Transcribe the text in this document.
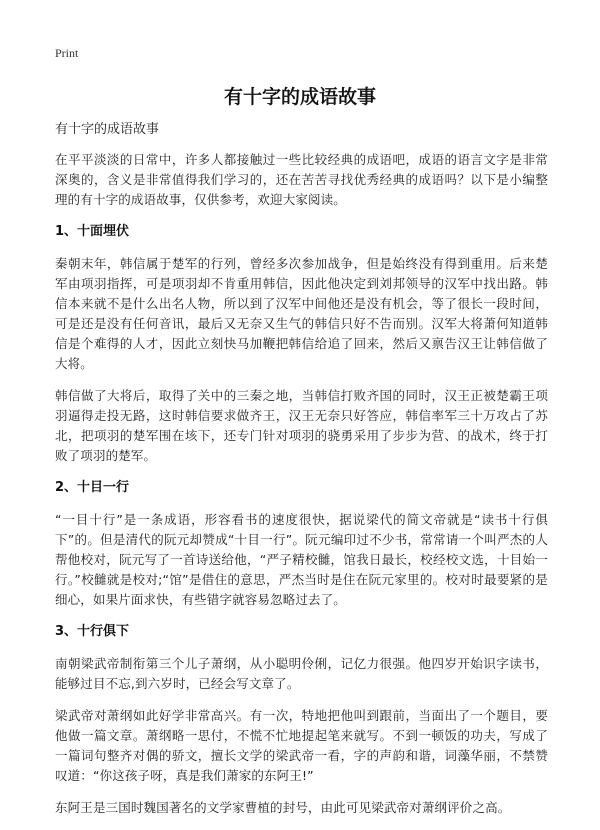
Print
有十字的成语故事

有十字的成语故事

在平平淡淡的日常中，许多人都接触过一些比较经典的成语吧，成语的语言文字是非常深奥的，含义是非常值得我们学习的，还在苦苦寻找优秀经典的成语吗？以下是小编整理的有十字的成语故事，仅供参考，欢迎大家阅读。

1、十面埋伏

秦朝末年，韩信属于楚军的行列，曾经多次参加战争，但是始终没有得到重用。后来楚军由项羽指挥，可是项羽却不肯重用韩信，因此他决定到刘邦领导的汉军中找出路。韩信本来就不是什么出名人物，所以到了汉军中间他还是没有机会，等了很长一段时间，可是还是没有任何音讯，最后又无奈又生气的韩信只好不告而别。汉军大将萧何知道韩信是个难得的人才，因此立刻快马加鞭把韩信给追了回来，然后又禀告汉王让韩信做了大将。

韩信做了大将后，取得了关中的三秦之地，当韩信打败齐国的同时，汉王正被楚霸王项羽逼得走投无路，这时韩信要求做齐王，汉王无奈只好答应，韩信率军三十万攻占了苏北，把项羽的楚军围在垓下，还专门针对项羽的骁勇采用了步步为营、的战术，终于打败了项羽的楚军。

2、十目一行

“一目十行”是一条成语，形容看书的速度很快，据说梁代的简文帝就是“读书十行俱下”的。但是清代的阮元却赞成“十目一行”。阮元编印过不少书，常常请一个叫严杰的人帮他校对，阮元写了一首诗送给他，“严子精校雠，馆我日最长，校经校文选，十目始一行。”校雠就是校对;“馆”是借住的意思，严杰当时是住在阮元家里的。校对时最要紧的是细心，如果片面求快，有些错字就容易忽略过去了。

3、十行俱下

南朝梁武帝制衔第三个儿子萧纲，从小聪明伶俐，记亿力很强。他四岁开始识字读书，能够过目不忘,到六岁时，已经会写文章了。

梁武帝对萧纲如此好学非常高兴。有一次，特地把他叫到跟前，当面出了一个题目，要他做一篇文章。萧纲略一思付，不慌不忙地提起笔来就写。不到一顿饭的功夫，写成了一篇词句整齐对偶的骄文，擅长文学的梁武帝一看，字的声韵和谐，词藻华丽，不禁赞叹道：“你这孩子呀，真是我们萧家的东阿王!”

东阿王是三国时魏国著名的文学家曹植的封号，由此可见梁武帝对萧纲评价之高。
